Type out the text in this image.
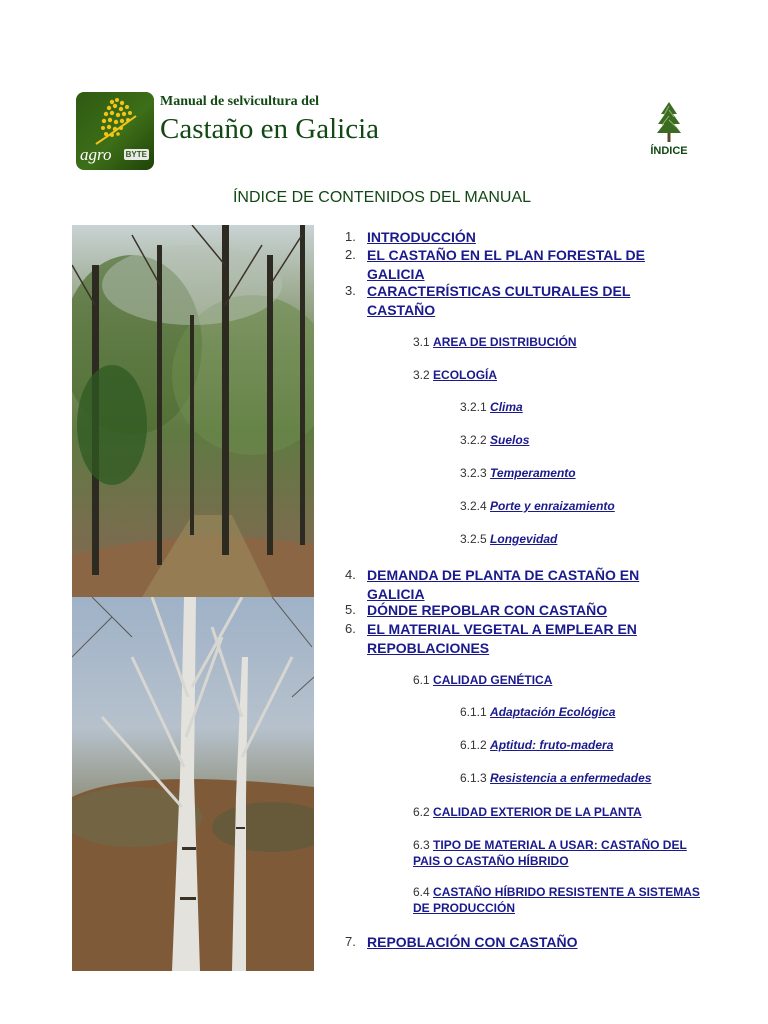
agro BYTE
Manual de selvicultura del
Castaño en Galicia
ÍNDICE
ÍNDICE DE CONTENIDOS DEL MANUAL
1. INTRODUCCIÓN
2. EL CASTAÑO EN EL PLAN FORESTAL DE GALICIA
3. CARACTERÍSTICAS CULTURALES DEL CASTAÑO
3.1 AREA DE DISTRIBUCIÓN
3.2 ECOLOGÍA
3.2.1 Clima
3.2.2 Suelos
3.2.3 Temperamento
3.2.4 Porte y enraizamiento
3.2.5 Longevidad
4. DEMANDA DE PLANTA DE CASTAÑO EN GALICIA
5. DÓNDE REPOBLAR CON CASTAÑO
6. EL MATERIAL VEGETAL A EMPLEAR EN REPOBLACIONES
6.1 CALIDAD GENÉTICA
6.1.1 Adaptación Ecológica
6.1.2 Aptitud: fruto-madera
6.1.3 Resistencia a enfermedades
6.2 CALIDAD EXTERIOR DE LA PLANTA
6.3 TIPO DE MATERIAL A USAR: CASTAÑO DEL PAIS O CASTAÑO HÍBRIDO
6.4 CASTAÑO HÍBRIDO RESISTENTE A SISTEMAS DE PRODUCCIÓN
7. REPOBLACIÓN CON CASTAÑO
